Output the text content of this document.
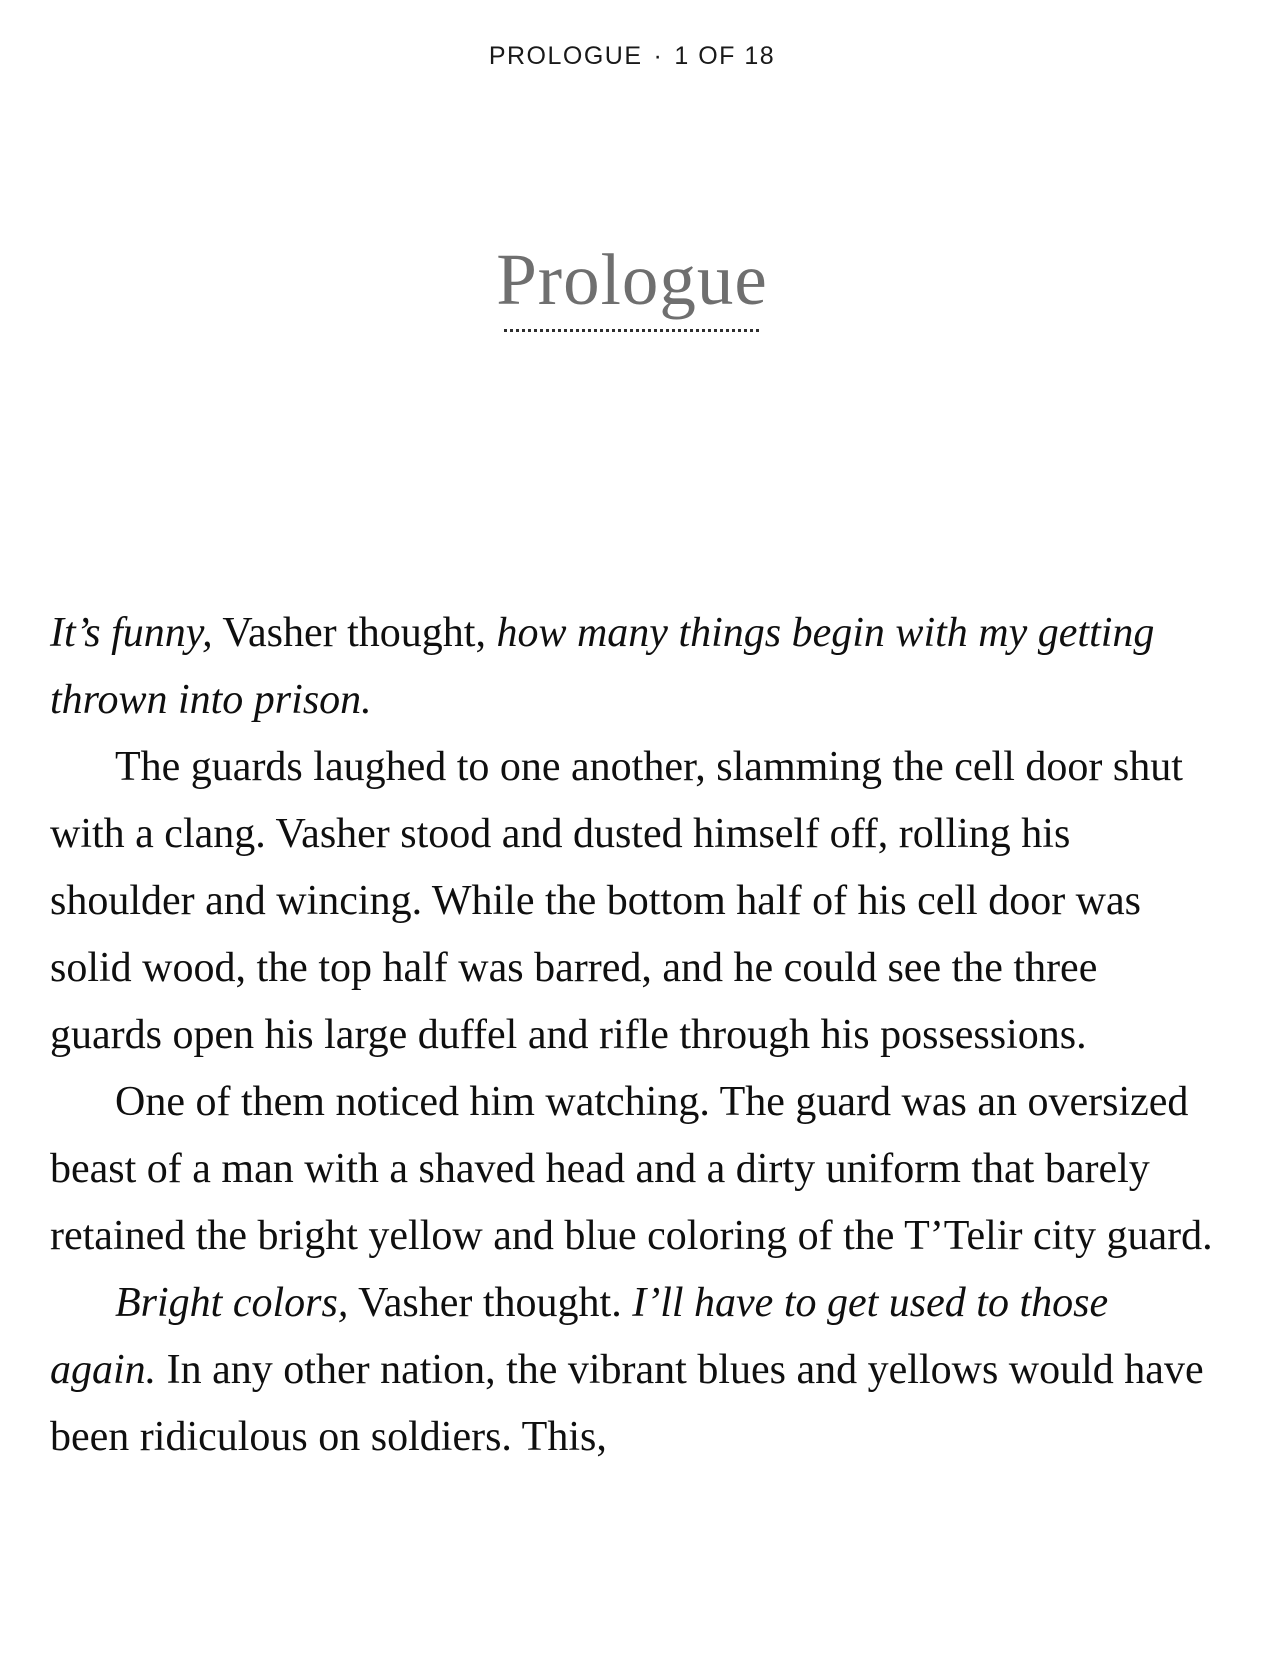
PROLOGUE · 1 OF 18
Prologue

It’s funny, Vasher thought, how many things begin with my getting thrown into prison.

The guards laughed to one another, slamming the cell door shut with a clang. Vasher stood and dusted himself off, rolling his shoulder and wincing. While the bottom half of his cell door was solid wood, the top half was barred, and he could see the three guards open his large duffel and rifle through his possessions.

One of them noticed him watching. The guard was an oversized beast of a man with a shaved head and a dirty uniform that barely retained the bright yellow and blue coloring of the T’Telir city guard.

Bright colors, Vasher thought. I’ll have to get used to those again. In any other nation, the vibrant blues and yellows would have been ridiculous on soldiers. This,
